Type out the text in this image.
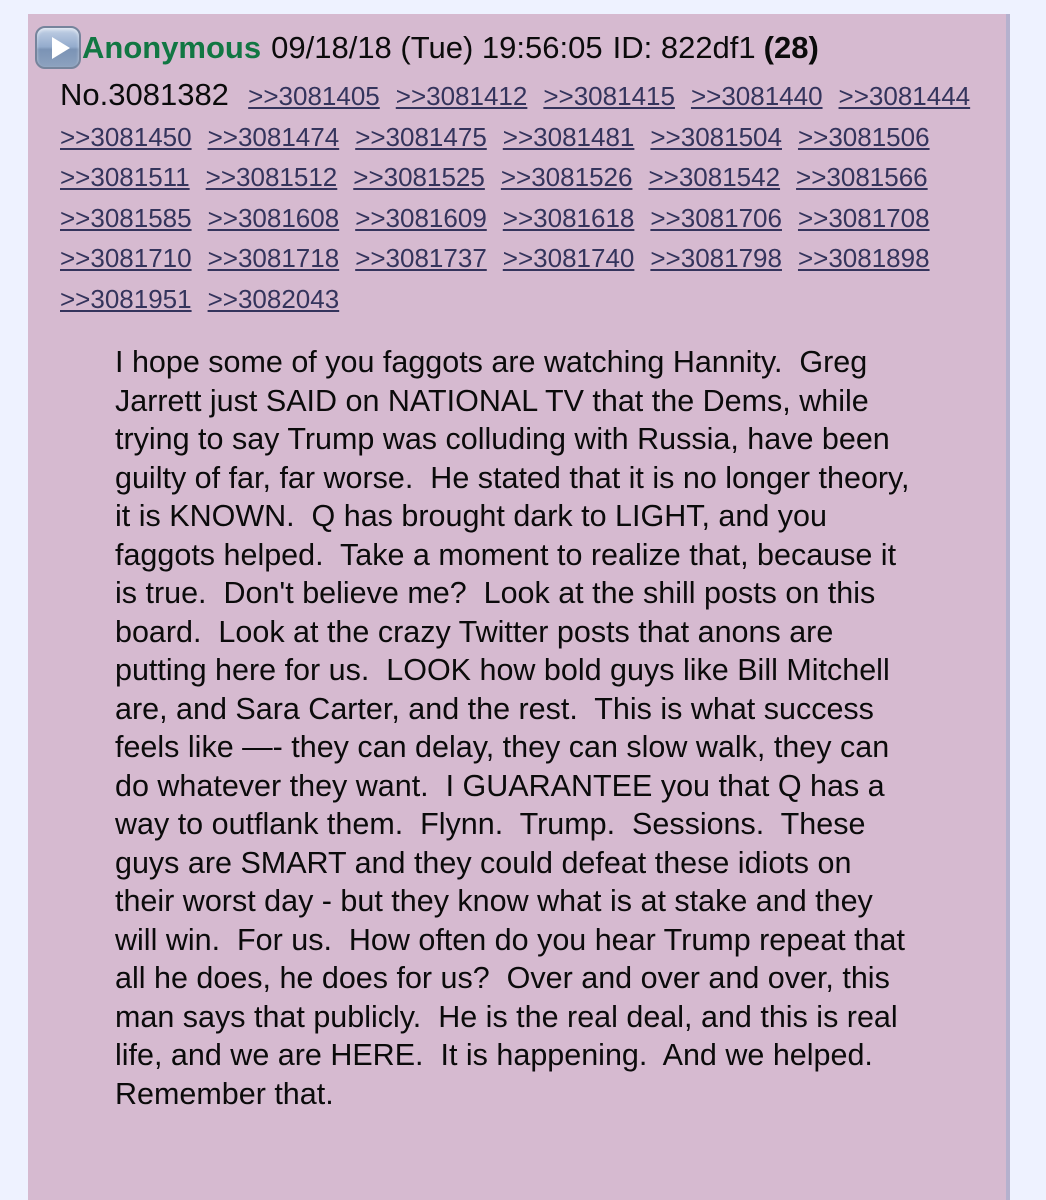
Anonymous 09/18/18 (Tue) 19:56:05 ID: 822df1 (28)
No.3081382 >>3081405 >>3081412 >>3081415 >>3081440 >>3081444>>3081450 >>3081474 >>3081475 >>3081481 >>3081504 >>3081506>>3081511 >>3081512 >>3081525 >>3081526 >>3081542 >>3081566>>3081585 >>3081608 >>3081609 >>3081618 >>3081706 >>3081708>>3081710 >>3081718 >>3081737 >>3081740 >>3081798 >>3081898>>3081951 >>3082043
I hope some of you faggots are watching Hannity.  Greg Jarrett just SAID on NATIONAL TV that the Dems, while trying to say Trump was colluding with Russia, have been guilty of far, far worse.  He stated that it is no longer theory, it is KNOWN.  Q has brought dark to LIGHT, and you faggots helped.  Take a moment to realize that, because it is true.  Don't believe me?  Look at the shill posts on this board.  Look at the crazy Twitter posts that anons are putting here for us.  LOOK how bold guys like Bill Mitchell are, and Sara Carter, and the rest.  This is what success feels like —- they can delay, they can slow walk, they can do whatever they want.  I GUARANTEE you that Q has a way to outflank them.  Flynn.  Trump.  Sessions.  These guys are SMART and they could defeat these idiots on their worst day - but they know what is at stake and they will win.  For us.  How often do you hear Trump repeat that all he does, he does for us?  Over and over and over, this man says that publicly.  He is the real deal, and this is real life, and we are HERE.  It is happening.  And we helped.  Remember that.
